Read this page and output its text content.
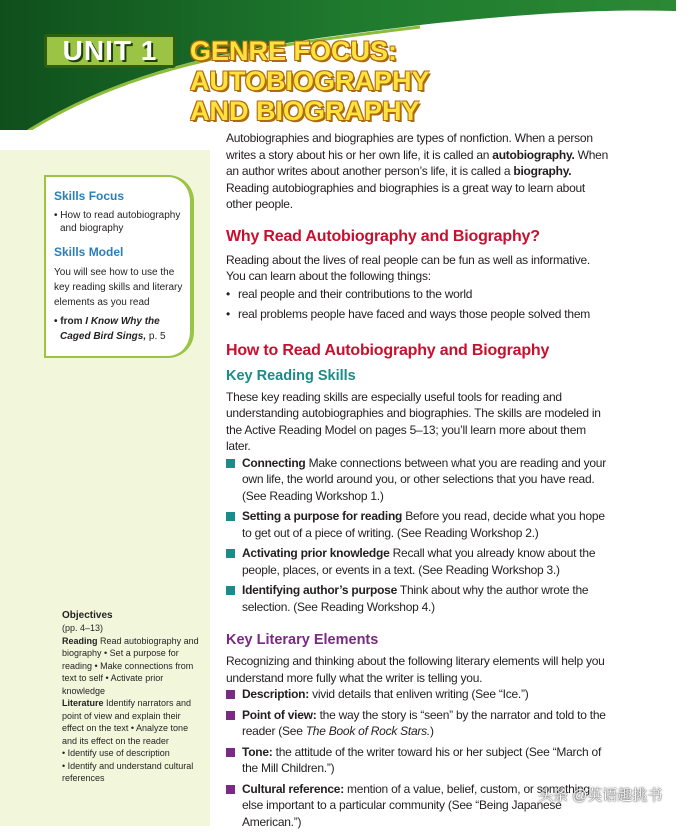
UNIT 1	GENRE FOCUS:
AUTOBIOGRAPHY
AND BIOGRAPHY
Skills Focus
• How to read autobiography and biography
Skills Model
You will see how to use the key reading skills and literary elements as you read
• from I Know Why the Caged Bird Sings, p. 5
Objectives
(pp. 4–13)
Reading Read autobiography and biography • Set a purpose for reading • Make connections from text to self • Activate prior knowledge
Literature Identify narrators and point of view and explain their effect on the text • Analyze tone and its effect on the reader
• Identify use of description
• Identify and understand cultural references

Autobiographies and biographies are types of nonfiction. When a person writes a story about his or her own life, it is called an autobiography. When an author writes about another person’s life, it is called a biography. Reading autobiographies and biographies is a great way to learn about other people.

Why Read Autobiography and Biography?

Reading about the lives of real people can be fun as well as informative. You can learn about the following things:

• real people and their contributions to the world

• real problems people have faced and ways those people solved them

How to Read Autobiography and Biography
Key Reading Skills

These key reading skills are especially useful tools for reading and understanding autobiographies and biographies. The skills are modeled in the Active Reading Model on pages 5–13; you’ll learn more about them later.

Connecting Make connections between what you are reading and your own life, the world around you, or other selections that you have read. (See Reading Workshop 1.)
Setting a purpose for reading Before you read, decide what you hope to get out of a piece of writing. (See Reading Workshop 2.)
Activating prior knowledge Recall what you already know about the people, places, or events in a text. (See Reading Workshop 3.)
Identifying author’s purpose Think about why the author wrote the selection. (See Reading Workshop 4.)
Key Literary Elements

Recognizing and thinking about the following literary elements will help you understand more fully what the writer is telling you.

Description: vivid details that enliven writing (See “Ice.”)
Point of view: the way the story is “seen” by the narrator and told to the reader (See The Book of Rock Stars.)
Tone: the attitude of the writer toward his or her subject (See “March of the Mill Children.”)
Cultural reference: mention of a value, belief, custom, or something else important to a particular community (See “Being Japanese American.”)
头条 @英语趣挑书
